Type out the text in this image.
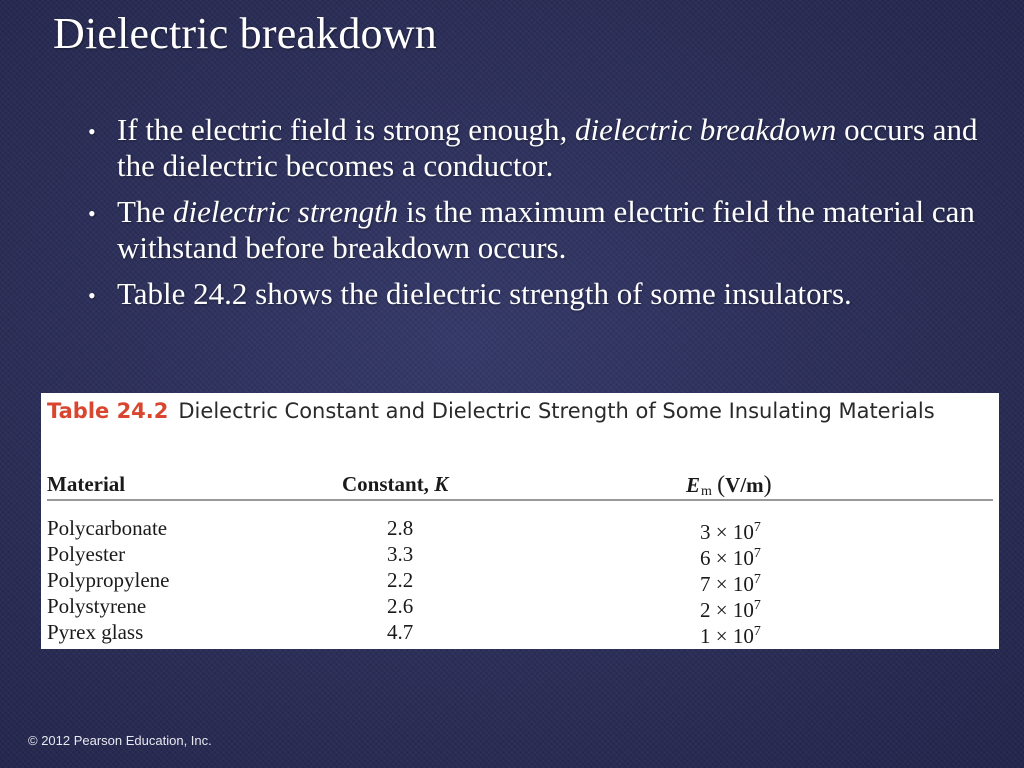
Dielectric breakdown
• If the electric field is strong enough, dielectric breakdown occurs and the dielectric becomes a conductor.
• The dielectric strength is the maximum electric field the material can withstand before breakdown occurs.
• Table 24.2 shows the dielectric strength of some insulators.
Table 24.2 Dielectric Constant and Dielectric Strength of Some Insulating Materials
Material	Constant, K	$E_m$ (V/m)
Polycarbonate	2.8	$3 \times 10^7$
Polyester	3.3	$6 \times 10^7$
Polypropylene	2.2	$7 \times 10^7$
Polystyrene	2.6	$2 \times 10^7$
Pyrex glass	4.7	$1 \times 10^7$
© 2012 Pearson Education, Inc.
